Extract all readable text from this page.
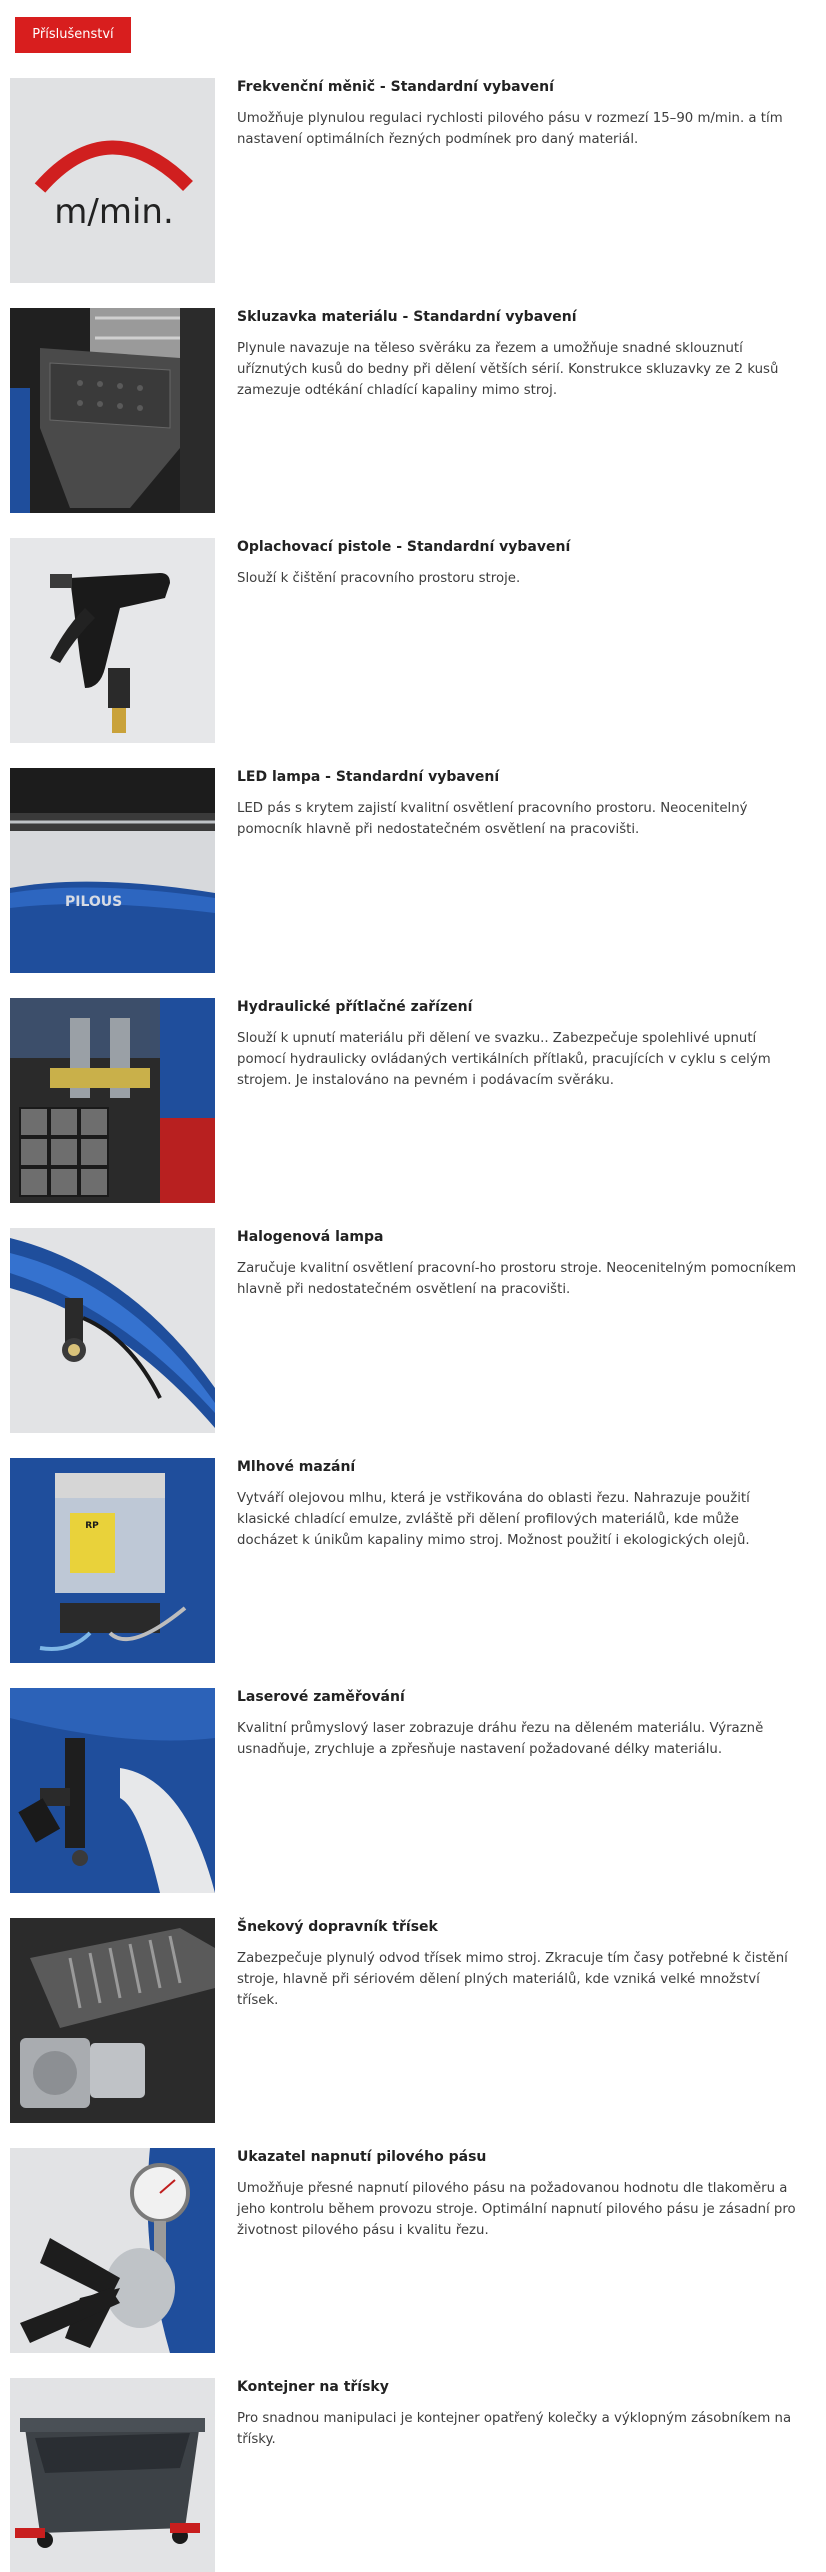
Příslušenství
m/min.
Frekvenční měnič - Standardní vybavení
Umožňuje plynulou regulaci rychlosti pilového pásu v rozmezí 15–90 m/min. a tím nastavení optimálních řezných podmínek pro daný materiál.
Skluzavka materiálu - Standardní vybavení
Plynule navazuje na těleso svěráku za řezem a umožňuje snadné sklouznutí uříznutých kusů do bedny při dělení větších sérií. Konstrukce skluzavky ze 2 kusů zamezuje odtékání chladící kapaliny mimo stroj.
Oplachovací pistole - Standardní vybavení
Slouží k čištění pracovního prostoru stroje.
PILOUS
LED lampa - Standardní vybavení
LED pás s krytem zajistí kvalitní osvětlení pracovního prostoru. Neocenitelný pomocník hlavně při nedostatečném osvětlení na pracovišti.
Hydraulické přítlačné zařízení
Slouží k upnutí materiálu při dělení ve svazku.. Zabezpečuje spolehlivé upnutí pomocí hydraulicky ovládaných vertikálních přítlaků, pracujících v cyklu s celým strojem. Je instalováno na pevném i podávacím svěráku.
Halogenová lampa
Zaručuje kvalitní osvětlení pracovní-ho prostoru stroje. Neocenitelným pomocníkem hlavně při nedostatečném osvětlení na pracovišti.
RP
Mlhové mazání
Vytváří olejovou mlhu, která je vstřikována do oblasti řezu. Nahrazuje použití klasické chladící emulze, zvláště při dělení profilových materiálů, kde může docházet k únikům kapaliny mimo stroj. Možnost použití i ekologických olejů.
Laserové zaměřování
Kvalitní průmyslový laser zobrazuje dráhu řezu na děleném materiálu. Výrazně usnadňuje, zrychluje a zpřesňuje nastavení požadované délky materiálu.
Šnekový dopravník třísek
Zabezpečuje plynulý odvod třísek mimo stroj. Zkracuje tím časy potřebné k čistění stroje, hlavně při sériovém dělení plných materiálů, kde vzniká velké množství třísek.
Ukazatel napnutí pilového pásu
Umožňuje přesné napnutí pilového pásu na požadovanou hodnotu dle tlakoměru a jeho kontrolu během provozu stroje. Optimální napnutí pilového pásu je zásadní pro životnost pilového pásu i kvalitu řezu.
Kontejner na třísky
Pro snadnou manipulaci je kontejner opatřený kolečky a výklopným zásobníkem na třísky.
